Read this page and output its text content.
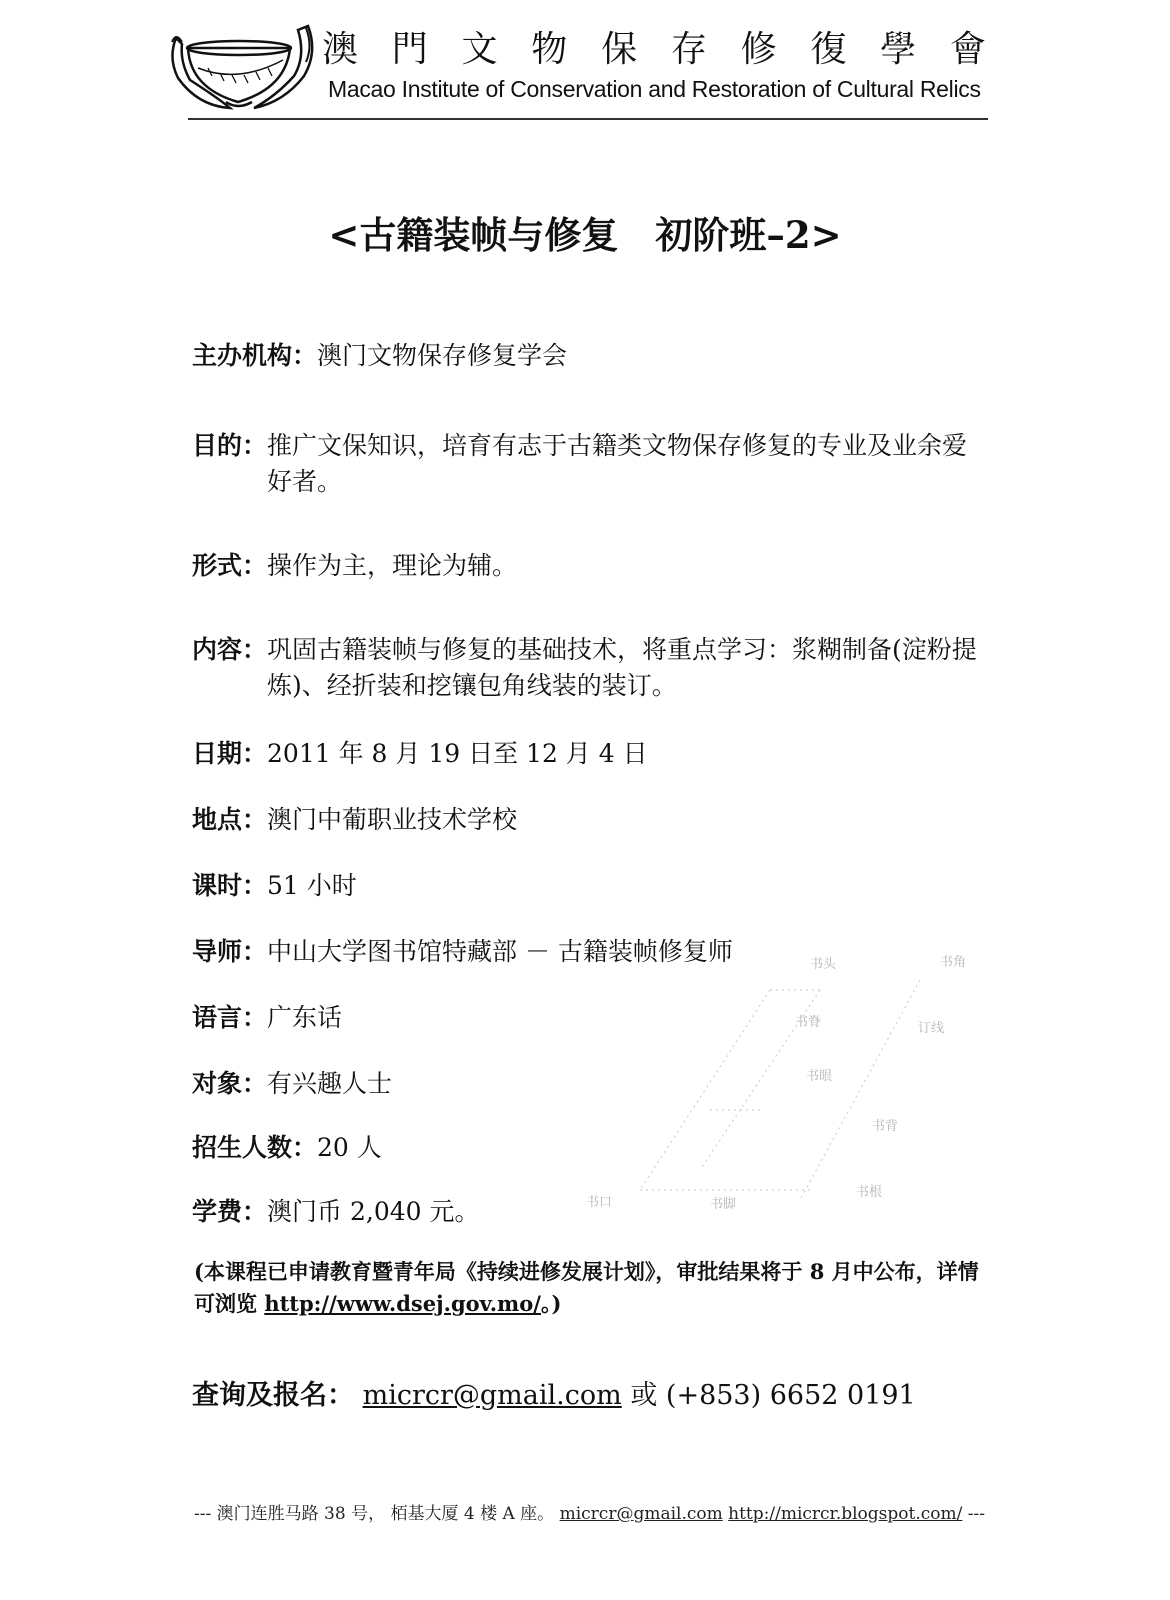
澳 門 文 物 保 存 修 復 學 會
Macao Institute of Conservation and Restoration of Cultural Relics
书头	书角
书脊	订线
书眼
书背
书口	书脚
书根
<古籍装帧与修复　初阶班–2>
主办机构： 澳门文物保存修复学会
目的： 推广文保知识，培育有志于古籍类文物保存修复的专业及业余爱好者。
形式： 操作为主，理论为辅。
内容： 巩固古籍装帧与修复的基础技术，将重点学习：浆糊制备(淀粉提炼)、经折装和挖镶包角线装的装订。
日期： 2011 年 8 月 19 日至 12 月 4 日
地点： 澳门中葡职业技术学校
课时： 51 小时
导师： 中山大学图书馆特藏部 － 古籍装帧修复师
语言： 广东话
对象： 有兴趣人士
招生人数： 20 人
学费： 澳门币 2,040 元。
(本课程已申请教育暨青年局《持续进修发展计划》，审批结果将于 8 月中公布，详情可浏览 http://www.dsej.gov.mo/。)
查询及报名： micrcr@gmail.com 或 (+853) 6652 0191
--- 澳门连胜马路 38 号， 栢基大厦 4 楼 A 座。 micrcr@gmail.com http://micrcr.blogspot.com/ ---
